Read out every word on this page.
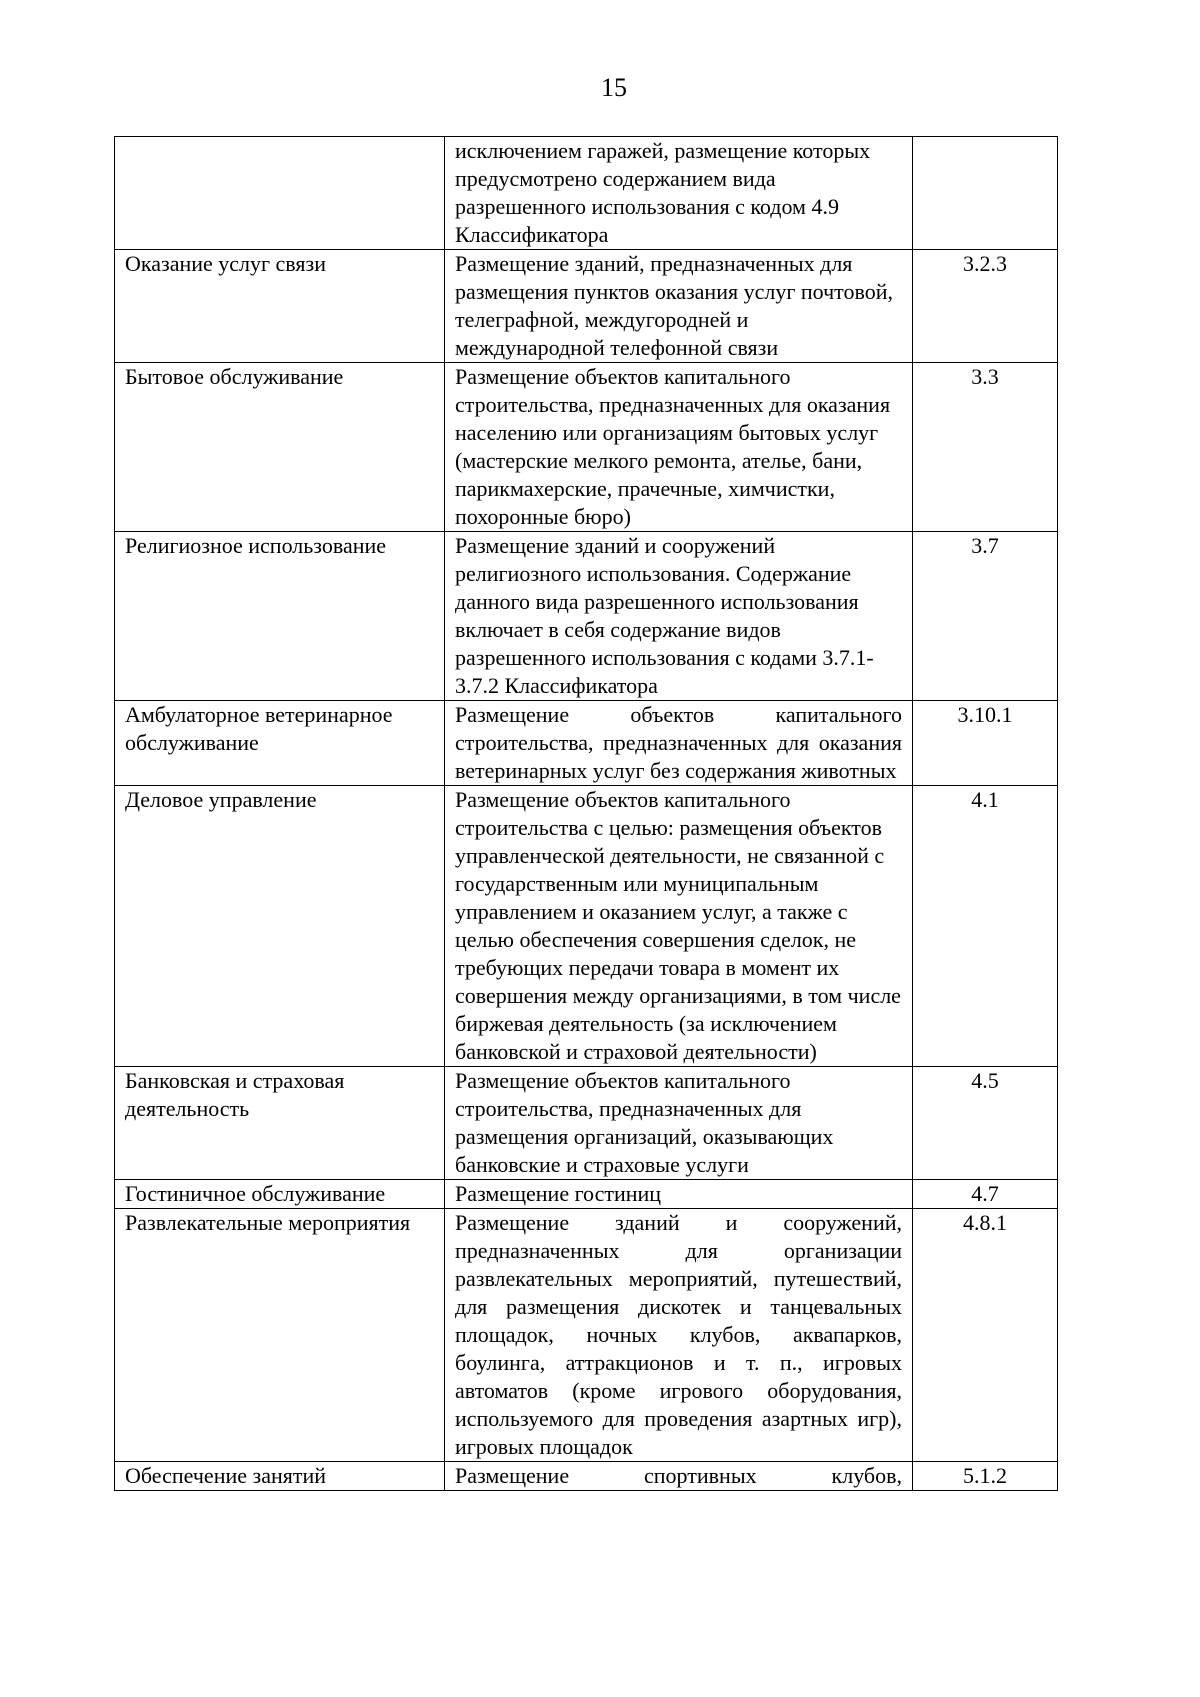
15
	исключением гаражей, размещение которых предусмотрено содержанием вида разрешенного использования с кодом 4.9 Классификатора	
Оказание услуг связи	Размещение зданий, предназначенных для размещения пунктов оказания услуг почтовой, телеграфной, междугородней и международной телефонной связи	3.2.3
Бытовое обслуживание	Размещение объектов капитального строительства, предназначенных для оказания населению или организациям бытовых услуг (мастерские мелкого ремонта, ателье, бани, парикмахерские, прачечные, химчистки, похоронные бюро)	3.3
Религиозное использование	Размещение зданий и сооружений религиозного использования. Содержание данного вида разрешенного использования включает в себя содержание видов разрешенного использования с кодами 3.7.1-3.7.2 Классификатора	3.7
Амбулаторное ветеринарное обслуживание	Размещение объектов капитального строительства, предназначенных для оказания ветеринарных услуг без содержания животных	3.10.1
Деловое управление	Размещение объектов капитального строительства с целью: размещения объектов управленческой деятельности, не связанной с государственным или муниципальным управлением и оказанием услуг, а также с целью обеспечения совершения сделок, не требующих передачи товара в момент их совершения между организациями, в том числе биржевая деятельность (за исключением банковской и страховой деятельности)	4.1
Банковская и страховая деятельность	Размещение объектов капитального строительства, предназначенных для размещения организаций, оказывающих банковские и страховые услуги	4.5
Гостиничное обслуживание	Размещение гостиниц	4.7
Развлекательные мероприятия	Размещение зданий и сооружений, предназначенных для организации развлекательных мероприятий, путешествий, для размещения дискотек и танцевальных площадок, ночных клубов, аквапарков, боулинга, аттракционов и т. п., игровых автоматов (кроме игрового оборудования, используемого для проведения азартных игр), игровых площадок	4.8.1
Обеспечение занятий	Размещение спортивных клубов,	5.1.2
